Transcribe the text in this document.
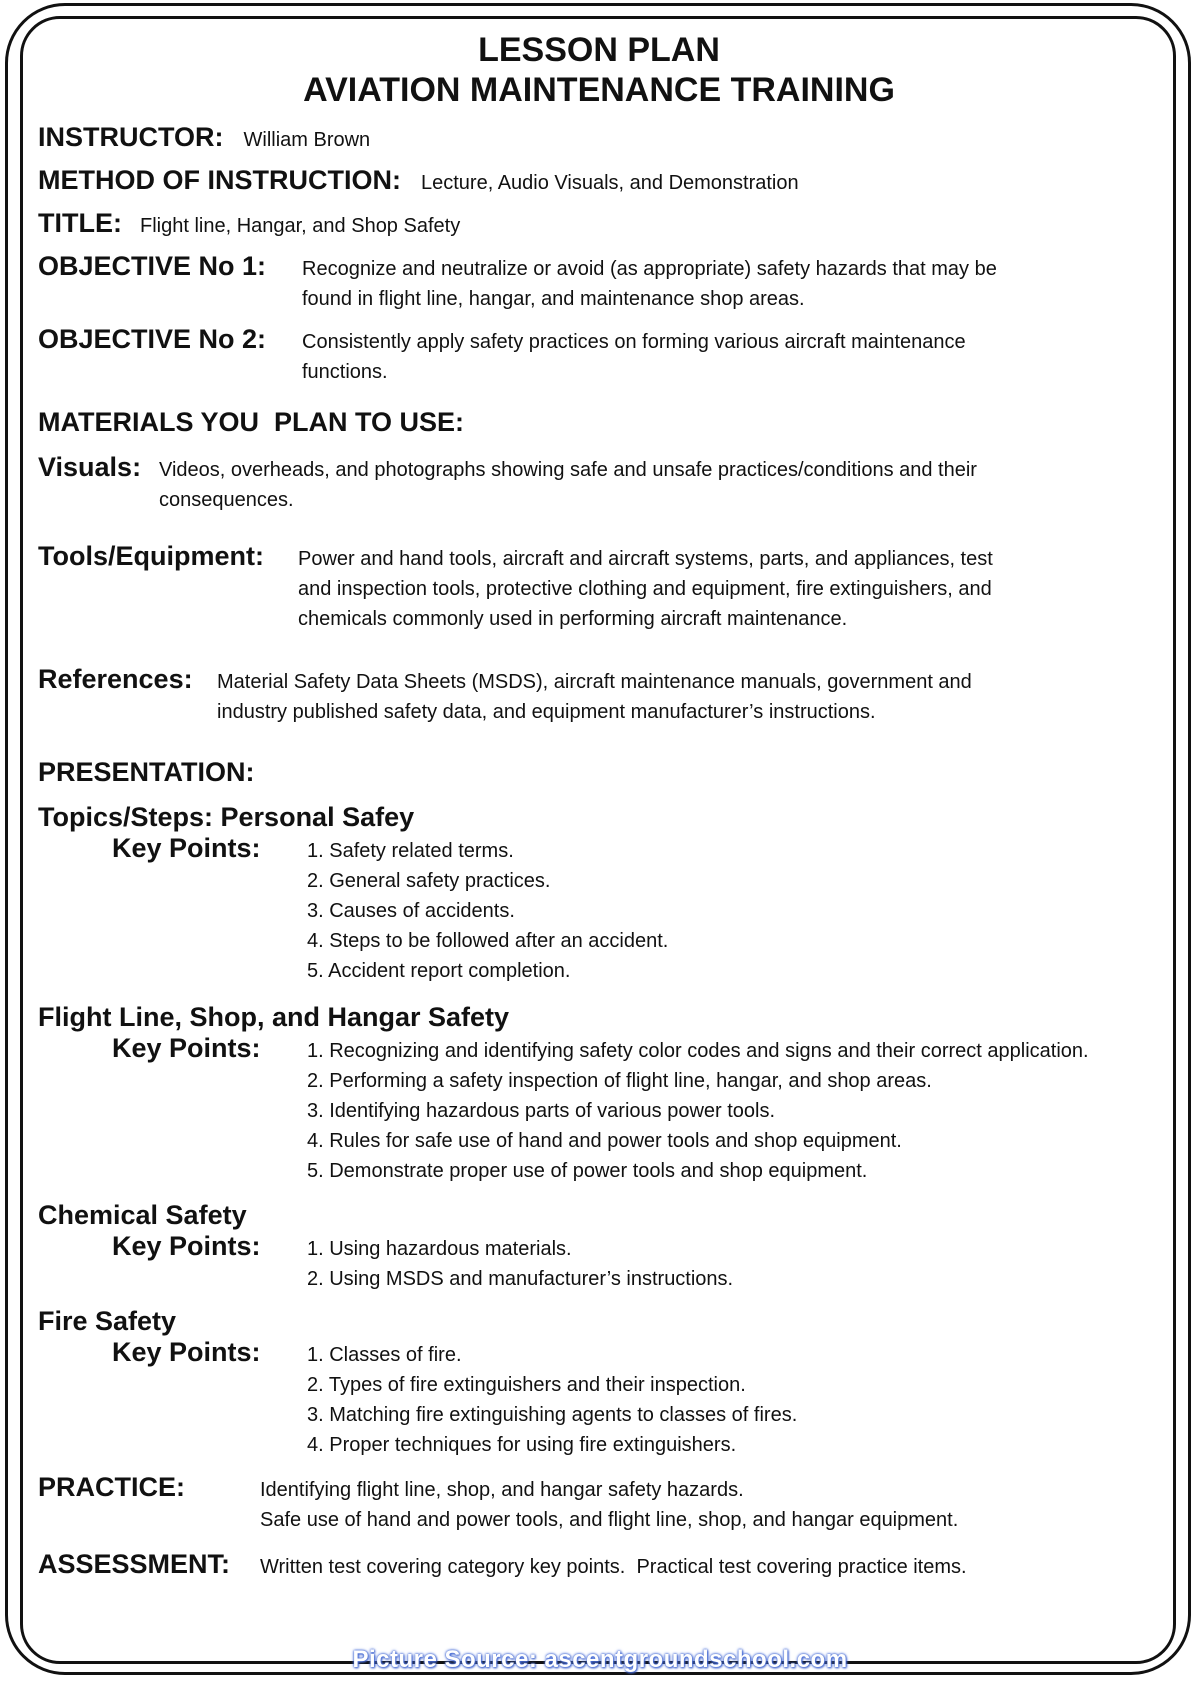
LESSON PLAN
AVIATION MAINTENANCE TRAINING
INSTRUCTOR: William Brown
METHOD OF INSTRUCTION: Lecture, Audio Visuals, and Demonstration
TITLE: Flight line, Hangar, and Shop Safety
OBJECTIVE No 1:	Recognize and neutralize or avoid (as appropriate) safety hazards that may be
found in flight line, hangar, and maintenance shop areas.
OBJECTIVE No 2:	Consistently apply safety practices on forming various aircraft maintenance
functions.
MATERIALS YOU  PLAN TO USE:
Visuals: Videos, overheads, and photographs showing safe and unsafe practices/conditions and their
consequences.
Tools/Equipment:	Power and hand tools, aircraft and aircraft systems, parts, and appliances, test
and inspection tools, protective clothing and equipment, fire extinguishers, and
chemicals commonly used in performing aircraft maintenance.
References:	Material Safety Data Sheets (MSDS), aircraft maintenance manuals, government and
industry published safety data, and equipment manufacturer’s instructions.
PRESENTATION:
Topics/Steps: Personal Safey
Key Points:	1. Safety related terms.
2. General safety practices.
3. Causes of accidents.
4. Steps to be followed after an accident.
5. Accident report completion.
Flight Line, Shop, and Hangar Safety
Key Points:	1. Recognizing and identifying safety color codes and signs and their correct application.
2. Performing a safety inspection of flight line, hangar, and shop areas.
3. Identifying hazardous parts of various power tools.
4. Rules for safe use of hand and power tools and shop equipment.
5. Demonstrate proper use of power tools and shop equipment.
Chemical Safety
Key Points:	1. Using hazardous materials.
2. Using MSDS and manufacturer’s instructions.
Fire Safety
Key Points:	1. Classes of fire.
2. Types of fire extinguishers and their inspection.
3. Matching fire extinguishing agents to classes of fires.
4. Proper techniques for using fire extinguishers.
PRACTICE:	Identifying flight line, shop, and hangar safety hazards.
Safe use of hand and power tools, and flight line, shop, and hangar equipment.
ASSESSMENT:	Written test covering category key points.  Practical test covering practice items.
Picture Source: ascentgroundschool.com
